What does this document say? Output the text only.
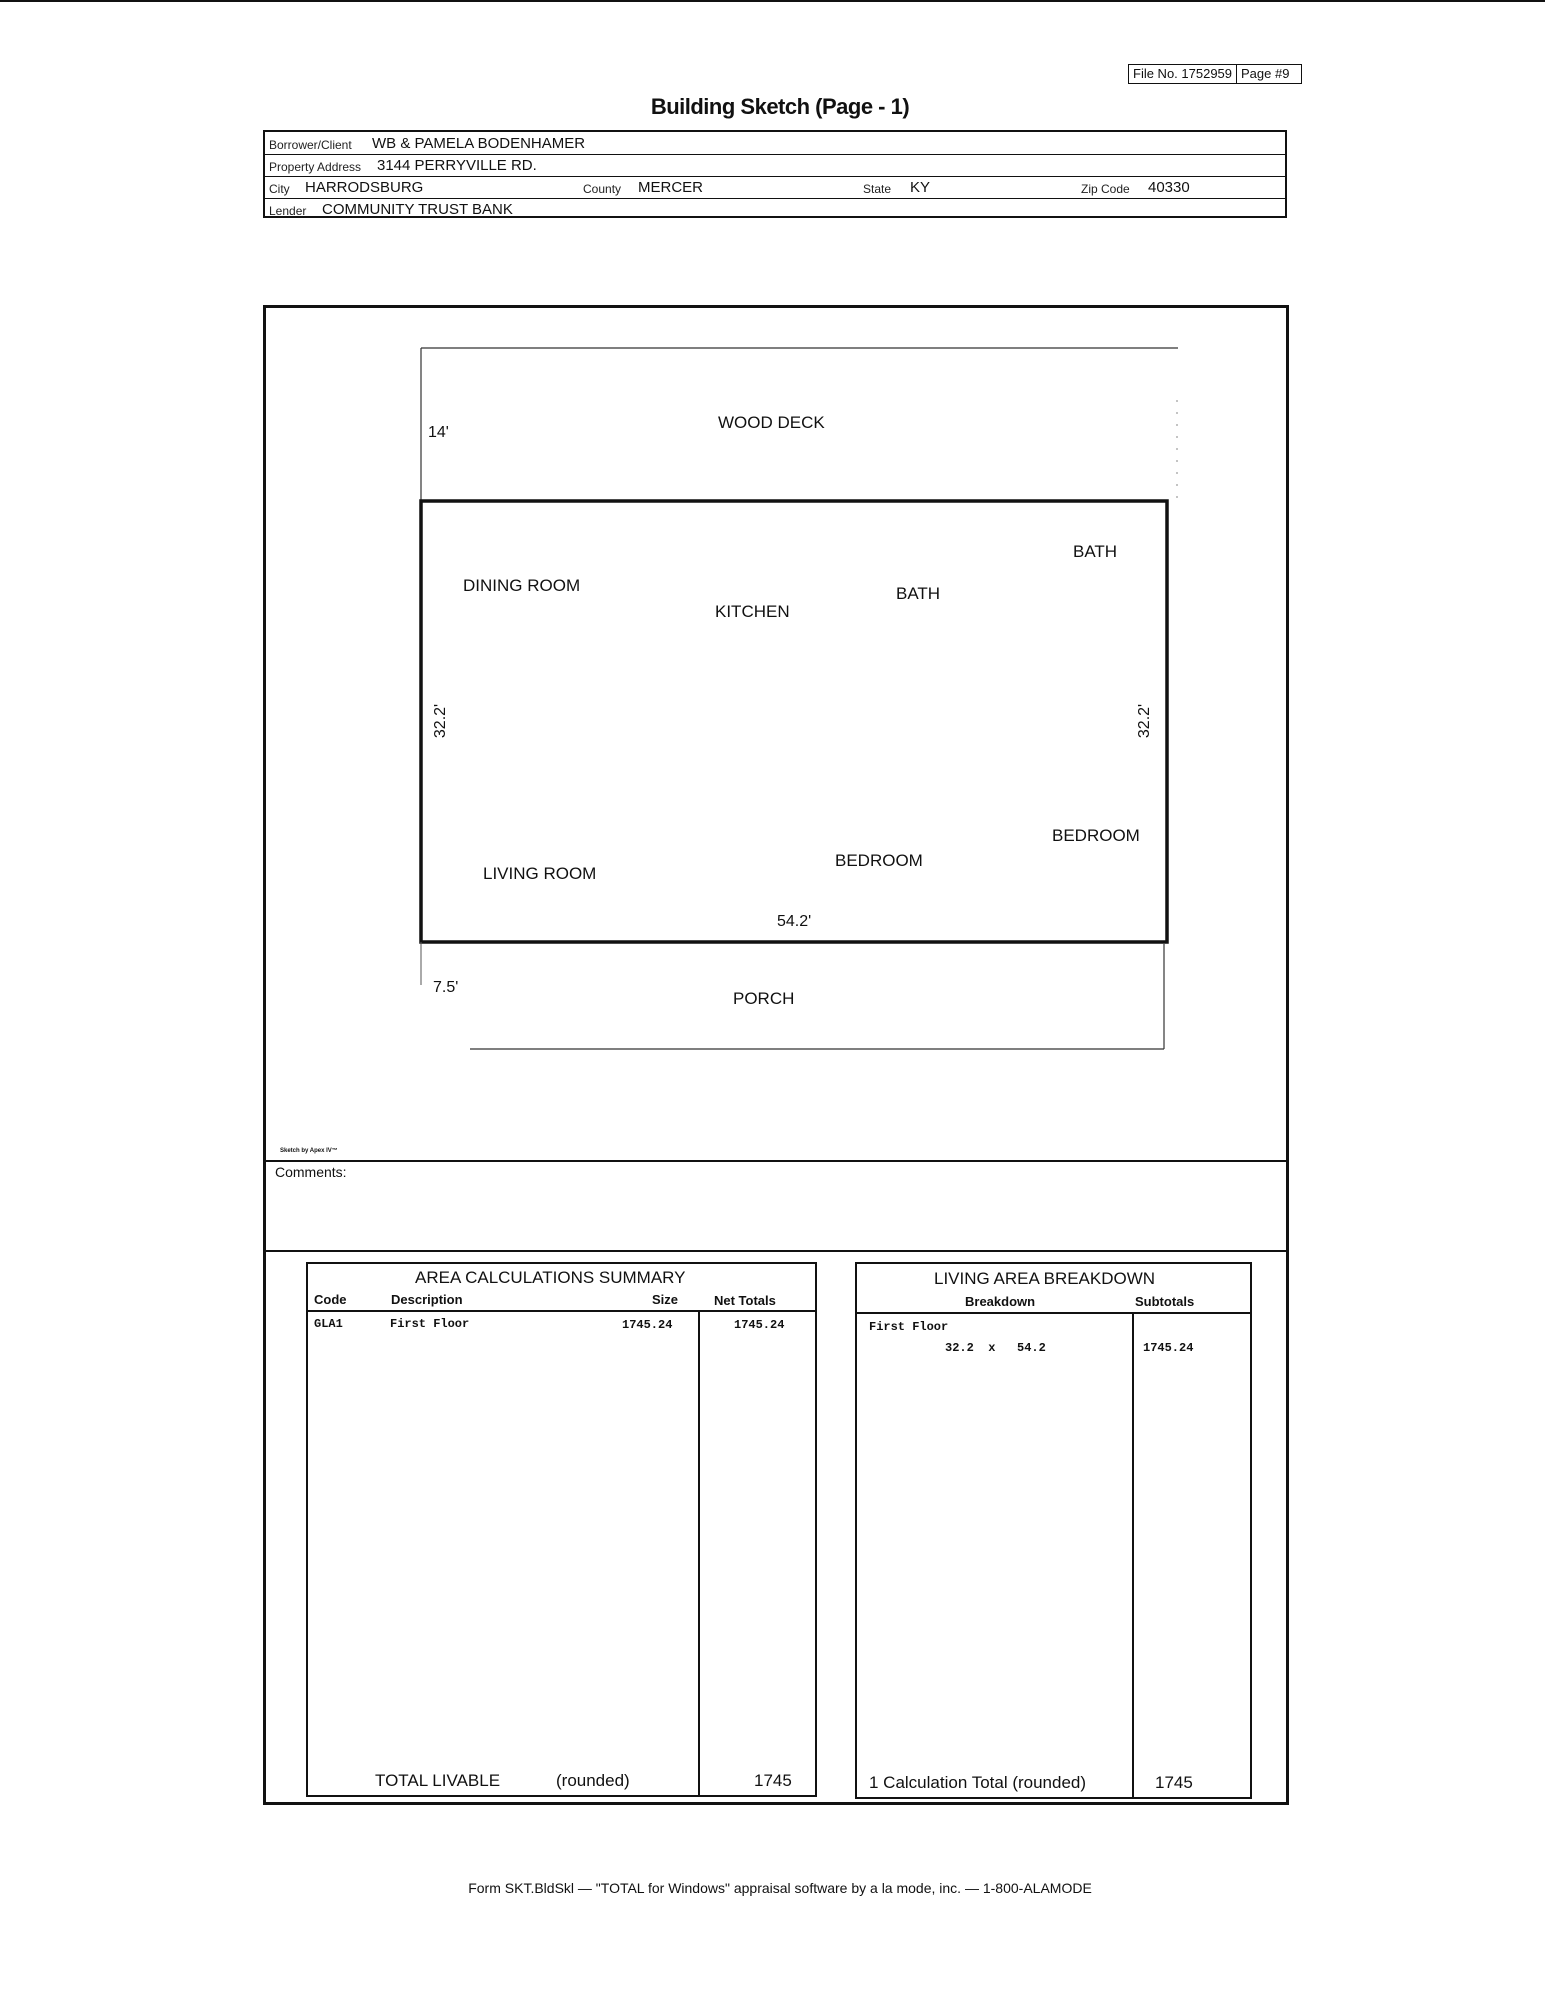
File No. 1752959 Page #9
Building Sketch (Page - 1)
Borrower/Client WB & PAMELA BODENHAMER
Property Address 3144 PERRYVILLE RD.
City HARRODSBURG	County MERCER	State KY	Zip Code 40330
Lender COMMUNITY TRUST BANK
WOOD DECK
14'
BATH
DINING ROOM	BATH
KITCHEN
32.2'	32.2'
BEDROOM
BEDROOM
LIVING ROOM
54.2'
7.5'
PORCH
Sketch by Apex IV™
Comments:
AREA CALCULATIONS SUMMARY
Code	Description	Size	Net Totals
GLA1	First Floor	1745.24	1745.24
TOTAL LIVABLE	(rounded)	1745
LIVING AREA BREAKDOWN
Breakdown	Subtotals
First Floor
32.2  x   54.2	1745.24
1 Calculation Total (rounded)	1745
Form SKT.BldSkl — "TOTAL for Windows" appraisal software by a la mode, inc. — 1-800-ALAMODE
